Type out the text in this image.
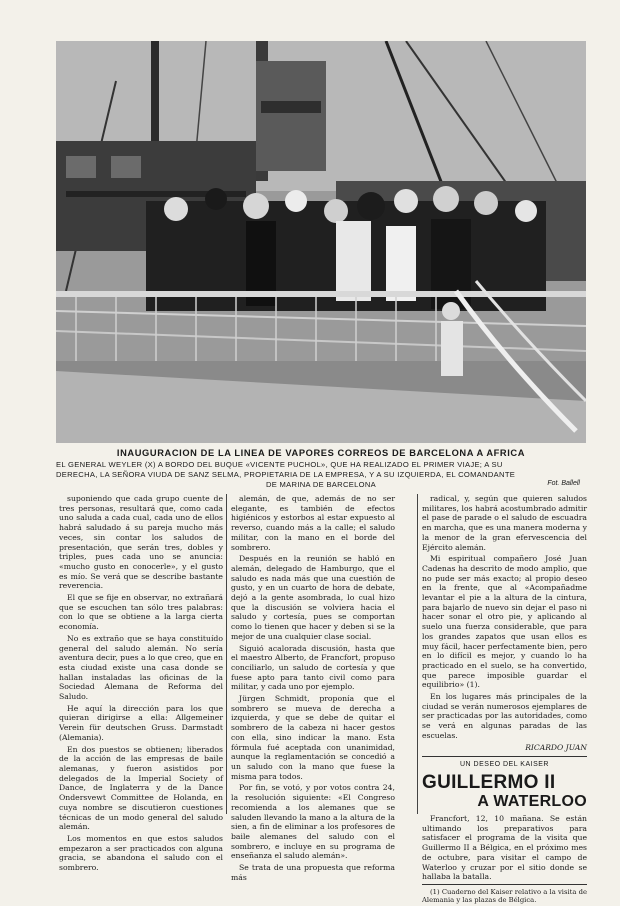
INAUGURACION DE LA LINEA DE VAPORES CORREOS DE BARCELONA A AFRICA
EL GENERAL WEYLER (X) A BORDO DEL BUQUE «VICENTE PUCHOL», QUE HA REALIZADO EL PRIMER VIAJE; A SU
DERECHA, LA SEÑORA VIUDA DE SANZ SELMA, PROPIETARIA DE LA EMPRESA, Y A SU IZQUIERDA, EL COMANDANTE
DE MARINA DE BARCELONA	Fot. Ballell

suponiendo que cada grupo cuente de tres personas, resultará que, como cada uno saluda a cada cual, cada uno de ellos habrá saludado á su pareja mucho más veces, sin contar los saludos de presentación, que serán tres, dobles y triples, pues cada uno se anuncia: «mucho gusto en conocerle», y el gusto es mío. Se verá que se describe bastante reverencia.

El que se fije en observar, no extrañará que se escuchen tan sólo tres palabras: con lo que se obtiene a la larga cierta economía.

No es extraño que se haya constituído general del saludo alemán. No sería aventura decir, pues a lo que creo, que en esta ciudad existe una casa donde se hallan instaladas las oficinas de la Sociedad Alemana de Reforma del Saludo.

He aquí la dirección para los que quieran dirigirse a ella: Allgemeiner Verein für deutschen Gruss. Darmstadt (Alemania).

En dos puestos se obtienen; liberados de la acción de las empresas de baile alemanas, y fueron asistidos por delegados de la Imperial Society of Dance, de Inglaterra y de la Dance Ondersvewt Committee de Holanda, en cuya nombre se discutieron cuestiones técnicas de un modo general del saludo alemán.

Los momentos en que estos saludos empezaron a ser practicados con alguna gracia, se abandona el saludo con el sombrero.

alemán, de que, además de no ser elegante, es también de efectos higiénicos y estorbos al estar expuesto al reverso, cuando más a la calle; el saludo militar, con la mano en el borde del sombrero.

Después en la reunión se habló en alemán, delegado de Hamburgo, que el saludo es nada más que una cuestión de gusto, y en un cuarto de hora de debate, dejó a la gente asombrada, lo cual hizo que la discusión se volviera hacia el saludo y cortesía, pues se comportan como lo tienen que hacer y deben si se la mejor de una cualquier clase social.

Siguió acalorada discusión, hasta que el maestro Alberto, de Francfort, propuso conciliarlo, un saludo de cortesía y que fuese apto para tanto civil como para militar, y cada uno por ejemplo.

Jürgen Schmidt, proponía que el sombrero se mueva de derecha a izquierda, y que se debe de quitar el sombrero de la cabeza ni hacer gestos con ella, sino indicar la mano. Esta fórmula fué aceptada con unanimidad, aunque la reglamentación se concedió a un saludo con la mano que fuese la misma para todos.

Por fin, se votó, y por votos contra 24, la resolución siguiente: «El Congreso recomienda a los alemanes que se saluden llevando la mano a la altura de la sien, a fin de eliminar a los profesores de baile alemanes del saludo con el sombrero, e incluye en su programa de enseñanza el saludo alemán».

Se trata de una propuesta que reforma más

radical, y, según que quieren saludos militares, los habrá acostumbrado admitir el pase de parade o el saludo de escuadra en marcha, que es una manera moderna y la menor de la gran efervescencia del Ejército alemán.

Mi espiritual compañero José Juan Cadenas ha descrito de modo amplio, que no pude ser más exacto; al propio deseo en la frente, que al «Acompañadme levantar el pie a la altura de la cintura, para bajarlo de nuevo sin dejar el paso ni hacer sonar el otro pie, y aplicando al suelo una fuerza considerable, que para los grandes zapatos que usan ellos es muy fácil, hacer perfectamente bien, pero en lo difícil es mejor, y cuando lo ha practicado en el suelo, se ha convertido, que parece imposible guardar el equilibrio» (1).

En los lugares más principales de la ciudad se verán numerosos ejemplares de ser practicadas por las autoridades, como se verá en algunas paradas de las escuelas.

RICARDO JUAN
UN DESEO DEL KAISER
GUILLERMO II
A WATERLOO

Francfort, 12, 10 mañana. Se están ultimando los preparativos para satisfacer el programa de la visita que Guillermo II a Bélgica, en el próximo mes de octubre, para visitar el campo de Waterloo y cruzar por el sitio donde se hallaba la batalla.

(1) Cuaderno del Kaiser relativo a la visita de Alemania y las plazas de Bélgica.
